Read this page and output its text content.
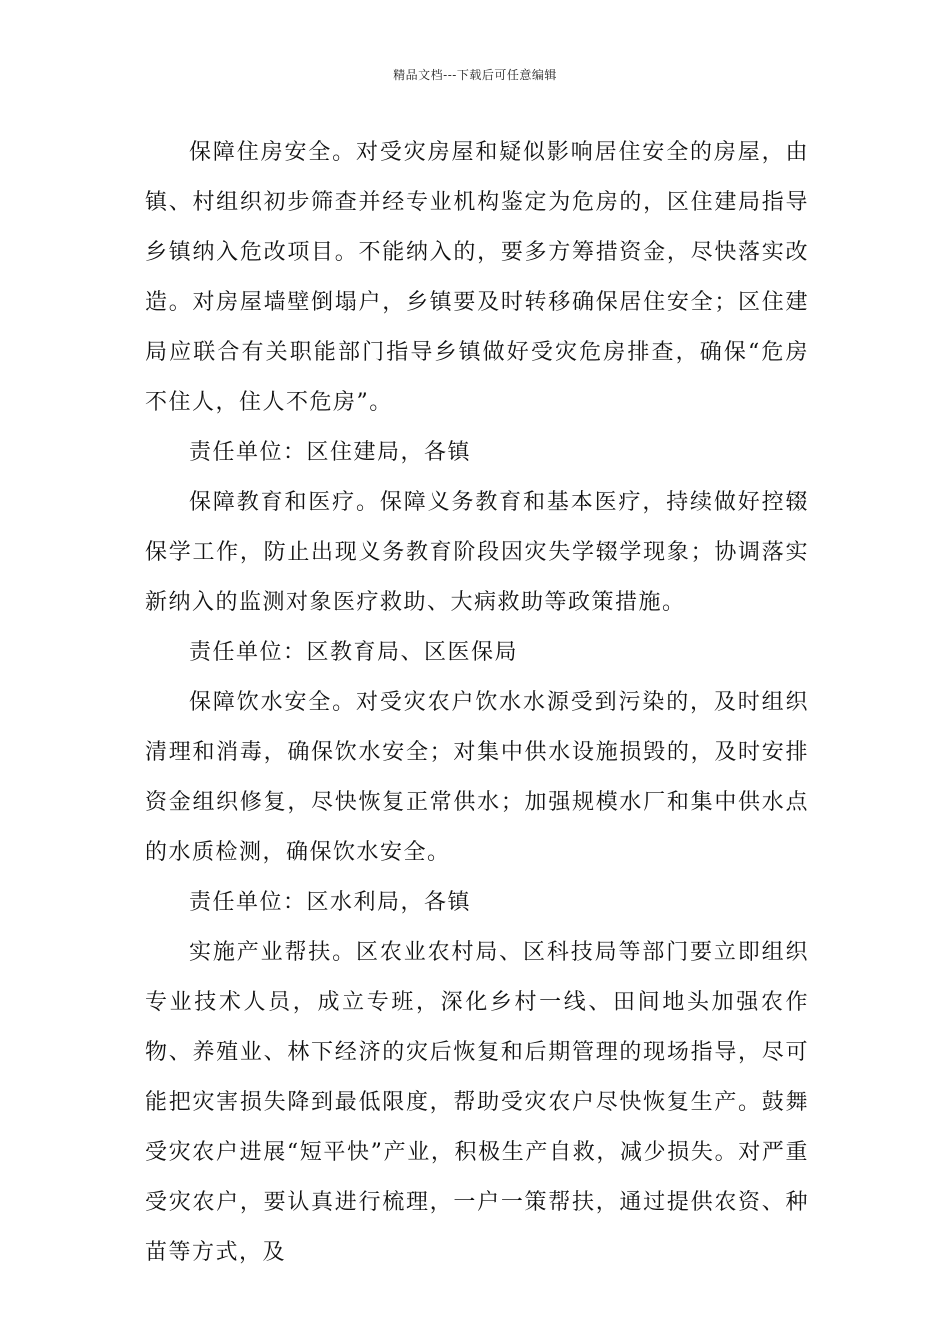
精品文档---下载后可任意编辑

保障住房安全。对受灾房屋和疑似影响居住安全的房屋，由镇、村组织初步筛查并经专业机构鉴定为危房的，区住建局指导乡镇纳入危改项目。不能纳入的，要多方筹措资金，尽快落实改造。对房屋墙壁倒塌户，乡镇要及时转移确保居住安全；区住建局应联合有关职能部门指导乡镇做好受灾危房排查，确保“危房不住人，住人不危房”。

责任单位：区住建局，各镇

保障教育和医疗。保障义务教育和基本医疗，持续做好控辍保学工作，防止出现义务教育阶段因灾失学辍学现象；协调落实新纳入的监测对象医疗救助、大病救助等政策措施。

责任单位：区教育局、区医保局

保障饮水安全。对受灾农户饮水水源受到污染的，及时组织清理和消毒，确保饮水安全；对集中供水设施损毁的，及时安排资金组织修复，尽快恢复正常供水；加强规模水厂和集中供水点的水质检测，确保饮水安全。

责任单位：区水利局，各镇

实施产业帮扶。区农业农村局、区科技局等部门要立即组织专业技术人员，成立专班，深化乡村一线、田间地头加强农作物、养殖业、林下经济的灾后恢复和后期管理的现场指导，尽可能把灾害损失降到最低限度，帮助受灾农户尽快恢复生产。鼓舞受灾农户进展“短平快”产业，积极生产自救，减少损失。对严重受灾农户，要认真进行梳理，一户一策帮扶，通过提供农资、种苗等方式，及
